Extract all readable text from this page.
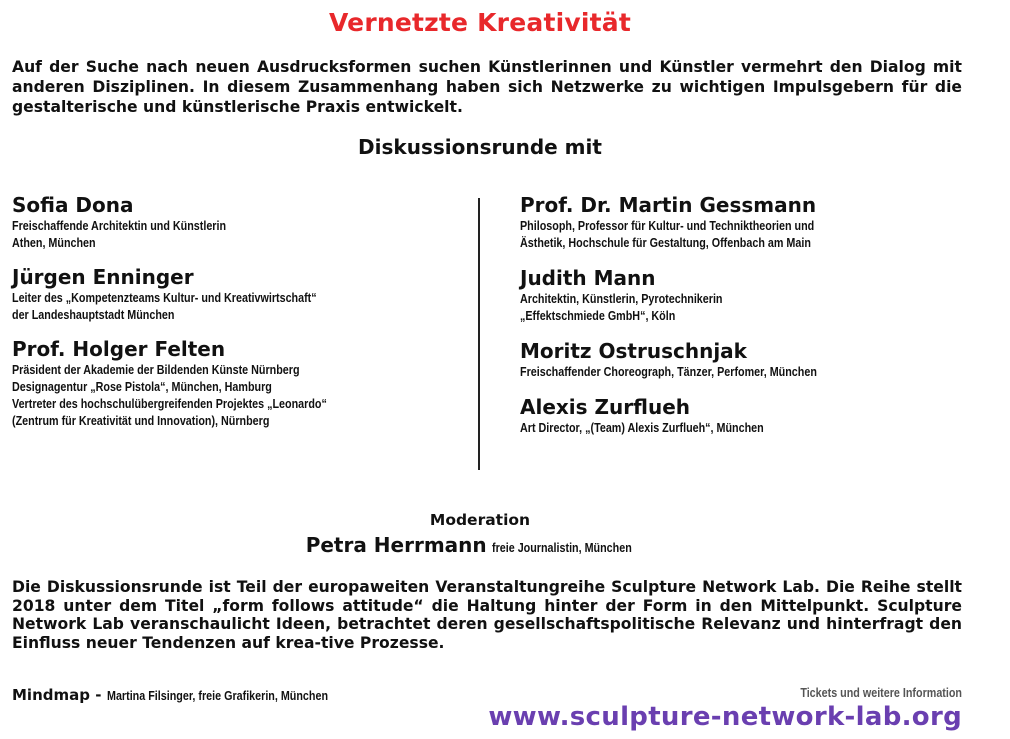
Vernetzte Kreativität
Auf der Suche nach neuen Ausdrucksformen suchen Künstlerinnen und Künstler vermehrt den Dialog mit anderen Disziplinen. In diesem Zusammenhang haben sich Netzwerke zu wichtigen Impulsgebern für die gestalterische und künstlerische Praxis entwickelt.
Diskussionsrunde mit
Sofia Dona
Freischaffende Architektin und Künstlerin
Athen, München
Jürgen Enninger
Leiter des „Kompetenzteams Kultur- und Kreativwirtschaft“
der Landeshauptstadt München
Prof. Holger Felten
Präsident der Akademie der Bildenden Künste Nürnberg
Designagentur „Rose Pistola“, München, Hamburg
Vertreter des hochschulübergreifenden Projektes „Leonardo“
(Zentrum für Kreativität und Innovation), Nürnberg
Prof. Dr. Martin Gessmann
Philosoph, Professor für Kultur- und Techniktheorien und
Ästhetik, Hochschule für Gestaltung, Offenbach am Main
Judith Mann
Architektin, Künstlerin, Pyrotechnikerin
„Effektschmiede GmbH“, Köln
Moritz Ostruschnjak
Freischaffender Choreograph, Tänzer, Perfomer, München
Alexis Zurflueh
Art Director, „(Team) Alexis Zurflueh“, München
Moderation
Petra Herrmann freie Journalistin, München
Die Diskussionsrunde ist Teil der europaweiten Veranstaltungreihe Sculpture Network Lab. Die Reihe stellt 2018 unter dem Titel „form follows attitude“ die Haltung hinter der Form in den Mittelpunkt. Sculpture Network Lab veranschaulicht Ideen, betrachtet deren gesellschaftspolitische Relevanz und hinterfragt den Einfluss neuer Tendenzen auf krea-tive Prozesse.
Mindmap - Martina Filsinger, freie Grafikerin, München	Tickets und weitere Information
www.sculpture-network-lab.org
